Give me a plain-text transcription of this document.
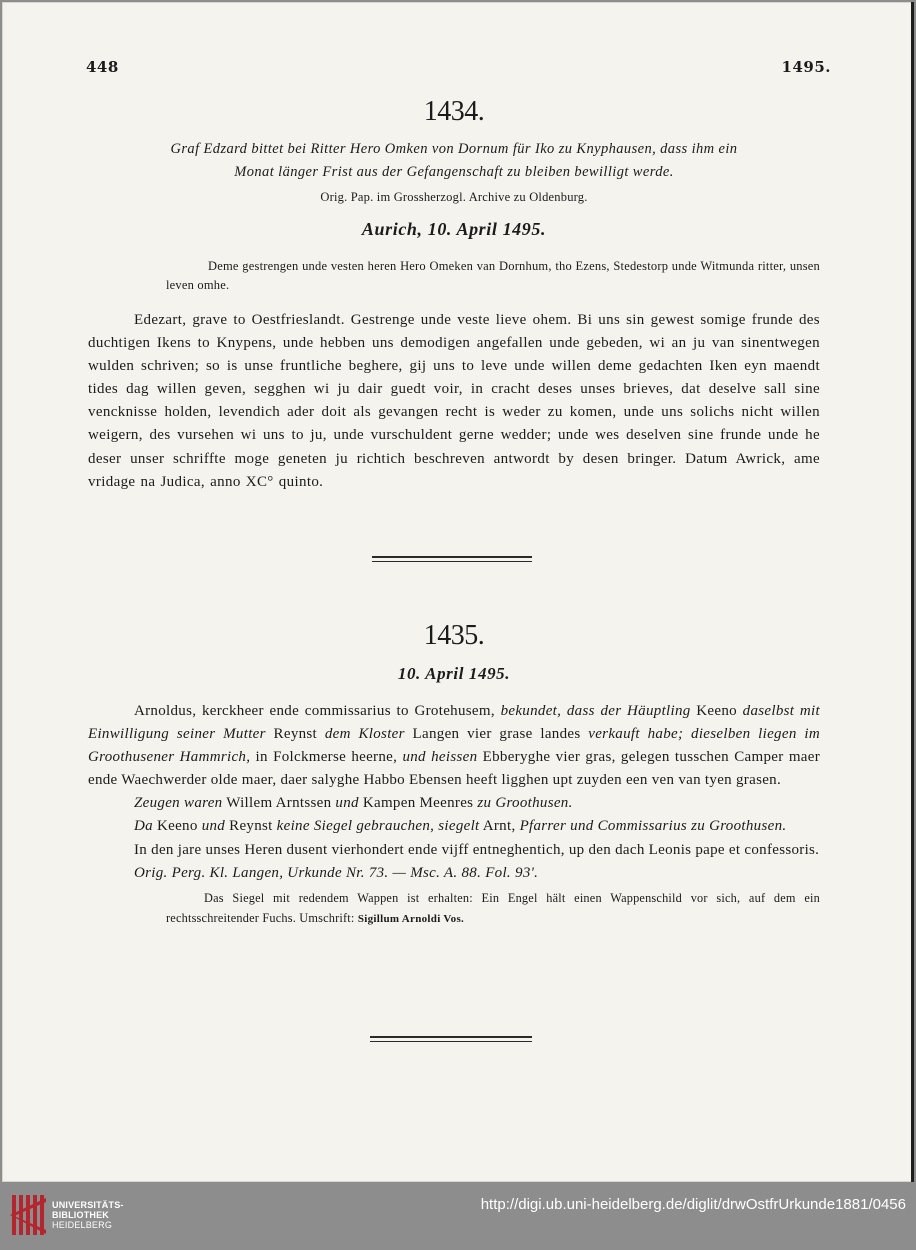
448	1495.
1434.
Graf Edzard bittet bei Ritter Hero Omken von Dornum für Iko zu Knyphausen, dass ihm ein
Monat länger Frist aus der Gefangenschaft zu bleiben bewilligt werde.
Orig. Pap. im Grossherzogl. Archive zu Oldenburg.
Aurich, 10. April 1495.
Deme gestrengen unde vesten heren Hero Omeken van Dornhum, tho Ezens, Stedestorp unde Witmunda ritter, unsen leven omhe.

Edezart, grave to Oestfrieslandt. Gestrenge unde veste lieve ohem. Bi uns sin gewest somige frunde des duchtigen Ikens to Knypens, unde hebben uns demodigen angefallen unde gebeden, wi an ju van sinentwegen wulden schriven; so is unse fruntliche beghere, gij uns to leve unde willen deme gedachten Iken eyn maendt tides dag willen geven, segghen wi ju dair guedt voir, in cracht deses unses brieves, dat deselve sall sine vencknisse holden, levendich ader doit als gevangen recht is weder zu komen, unde uns solichs nicht willen weigern, des vursehen wi uns to ju, unde vurschuldent gerne wedder; unde wes deselven sine frunde unde he deser unser schriffte moge geneten ju richtich beschreven antwordt by desen bringer. Datum Awrick, ame vridage na Judica, anno XC° quinto.

1435.
10. April 1495.

Arnoldus, kerckheer ende commissarius to Grotehusem, bekundet, dass der Häuptling Keeno daselbst mit Einwilligung seiner Mutter Reynst dem Kloster Langen vier grase landes verkauft habe; dieselben liegen im Groothusener Hammrich, in Folckmerse heerne, und heissen Ebberyghe vier gras, gelegen tusschen Camper maer ende Waechwerder olde maer, daer salyghe Habbo Ebensen heeft ligghen upt zuyden een ven van tyen grasen.

Zeugen waren Willem Arntssen und Kampen Meenres zu Groothusen.

Da Keeno und Reynst keine Siegel gebrauchen, siegelt Arnt, Pfarrer und Commissarius zu Groothusen.

In den jare unses Heren dusent vierhondert ende vijff entneghentich, up den dach Leonis pape et confessoris.

Orig. Perg. Kl. Langen, Urkunde Nr. 73. — Msc. A. 88. Fol. 93'.

Das Siegel mit redendem Wappen ist erhalten: Ein Engel hält einen Wappenschild vor sich, auf dem ein rechtsschreitender Fuchs. Umschrift: Sigillum Arnoldi Vos.
UNIVERSITÄTS-
BIBLIOTHEK
HEIDELBERG
http://digi.ub.uni-heidelberg.de/diglit/drwOstfrUrkunde1881/0456
